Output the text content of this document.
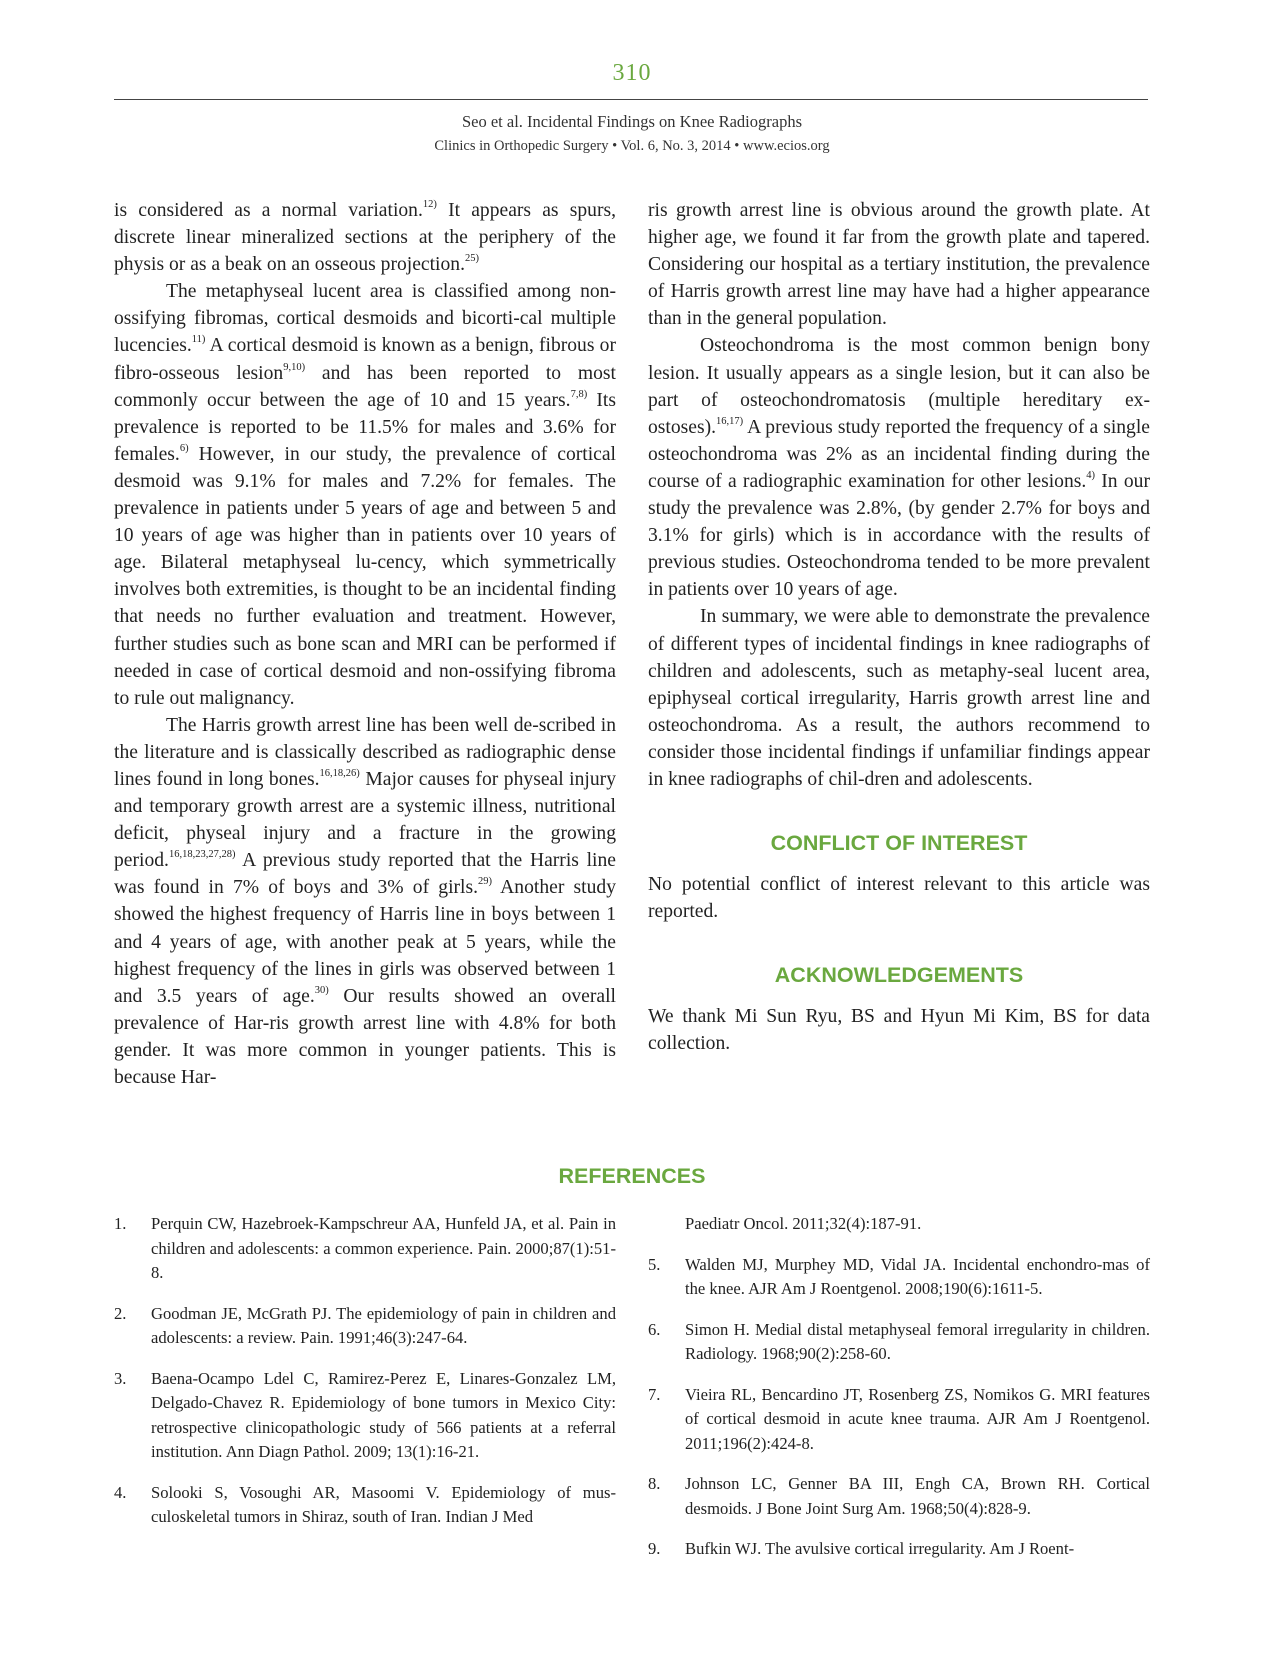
310
Seo et al. Incidental Findings on Knee Radiographs
Clinics in Orthopedic Surgery • Vol. 6, No. 3, 2014 • www.ecios.org

is considered as a normal variation.$^{12)}$ It appears as spurs, discrete linear mineralized sections at the periphery of the physis or as a beak on an osseous projection.$^{25)}$

The metaphyseal lucent area is classified among non-ossifying fibromas, cortical desmoids and bicorti-cal multiple lucencies.$^{11)}$ A cortical desmoid is known as a benign, fibrous or fibro-osseous lesion$^{9,10)}$ and has been reported to most commonly occur between the age of 10 and 15 years.$^{7,8)}$ Its prevalence is reported to be 11.5% for males and 3.6% for females.$^{6)}$ However, in our study, the prevalence of cortical desmoid was 9.1% for males and 7.2% for females. The prevalence in patients under 5 years of age and between 5 and 10 years of age was higher than in patients over 10 years of age. Bilateral metaphyseal lu-cency, which symmetrically involves both extremities, is thought to be an incidental finding that needs no further evaluation and treatment. However, further studies such as bone scan and MRI can be performed if needed in case of cortical desmoid and non-ossifying fibroma to rule out malignancy.

The Harris growth arrest line has been well de-scribed in the literature and is classically described as radiographic dense lines found in long bones.$^{16,18,26)}$ Major causes for physeal injury and temporary growth arrest are a systemic illness, nutritional deficit, physeal injury and a fracture in the growing period.$^{16,18,23,27,28)}$ A previous study reported that the Harris line was found in 7% of boys and 3% of girls.$^{29)}$ Another study showed the highest frequency of Harris line in boys between 1 and 4 years of age, with another peak at 5 years, while the highest frequency of the lines in girls was observed between 1 and 3.5 years of age.$^{30)}$ Our results showed an overall prevalence of Har-ris growth arrest line with 4.8% for both gender. It was more common in younger patients. This is because Har-

ris growth arrest line is obvious around the growth plate. At higher age, we found it far from the growth plate and tapered. Considering our hospital as a tertiary institution, the prevalence of Harris growth arrest line may have had a higher appearance than in the general population.

Osteochondroma is the most common benign bony lesion. It usually appears as a single lesion, but it can also be part of osteochondromatosis (multiple hereditary ex-ostoses).$^{16,17)}$ A previous study reported the frequency of a single osteochondroma was 2% as an incidental finding during the course of a radiographic examination for other lesions.$^{4)}$ In our study the prevalence was 2.8%, (by gender 2.7% for boys and 3.1% for girls) which is in accordance with the results of previous studies. Osteochondroma tended to be more prevalent in patients over 10 years of age.

In summary, we were able to demonstrate the prevalence of different types of incidental findings in knee radiographs of children and adolescents, such as metaphy-seal lucent area, epiphyseal cortical irregularity, Harris growth arrest line and osteochondroma. As a result, the authors recommend to consider those incidental findings if unfamiliar findings appear in knee radiographs of chil-dren and adolescents.

CONFLICT OF INTEREST

No potential conflict of interest relevant to this article was reported.

ACKNOWLEDGEMENTS

We thank Mi Sun Ryu, BS and Hyun Mi Kim, BS for data collection.

REFERENCES
1. Perquin CW, Hazebroek-Kampschreur AA, Hunfeld JA, et al. Pain in children and adolescents: a common experience. Pain. 2000;87(1):51-8.
2. Goodman JE, McGrath PJ. The epidemiology of pain in children and adolescents: a review. Pain. 1991;46(3):247-64.
3. Baena-Ocampo Ldel C, Ramirez-Perez E, Linares-Gonzalez LM, Delgado-Chavez R. Epidemiology of bone tumors in Mexico City: retrospective clinicopathologic study of 566 patients at a referral institution. Ann Diagn Pathol. 2009; 13(1):16-21.
4. Solooki S, Vosoughi AR, Masoomi V. Epidemiology of mus-culoskeletal tumors in Shiraz, south of Iran. Indian J Med
Paediatr Oncol. 2011;32(4):187-91.
5. Walden MJ, Murphey MD, Vidal JA. Incidental enchondro-mas of the knee. AJR Am J Roentgenol. 2008;190(6):1611-5.
6. Simon H. Medial distal metaphyseal femoral irregularity in children. Radiology. 1968;90(2):258-60.
7. Vieira RL, Bencardino JT, Rosenberg ZS, Nomikos G. MRI features of cortical desmoid in acute knee trauma. AJR Am J Roentgenol. 2011;196(2):424-8.
8. Johnson LC, Genner BA III, Engh CA, Brown RH. Cortical desmoids. J Bone Joint Surg Am. 1968;50(4):828-9.
9. Bufkin WJ. The avulsive cortical irregularity. Am J Roent-
